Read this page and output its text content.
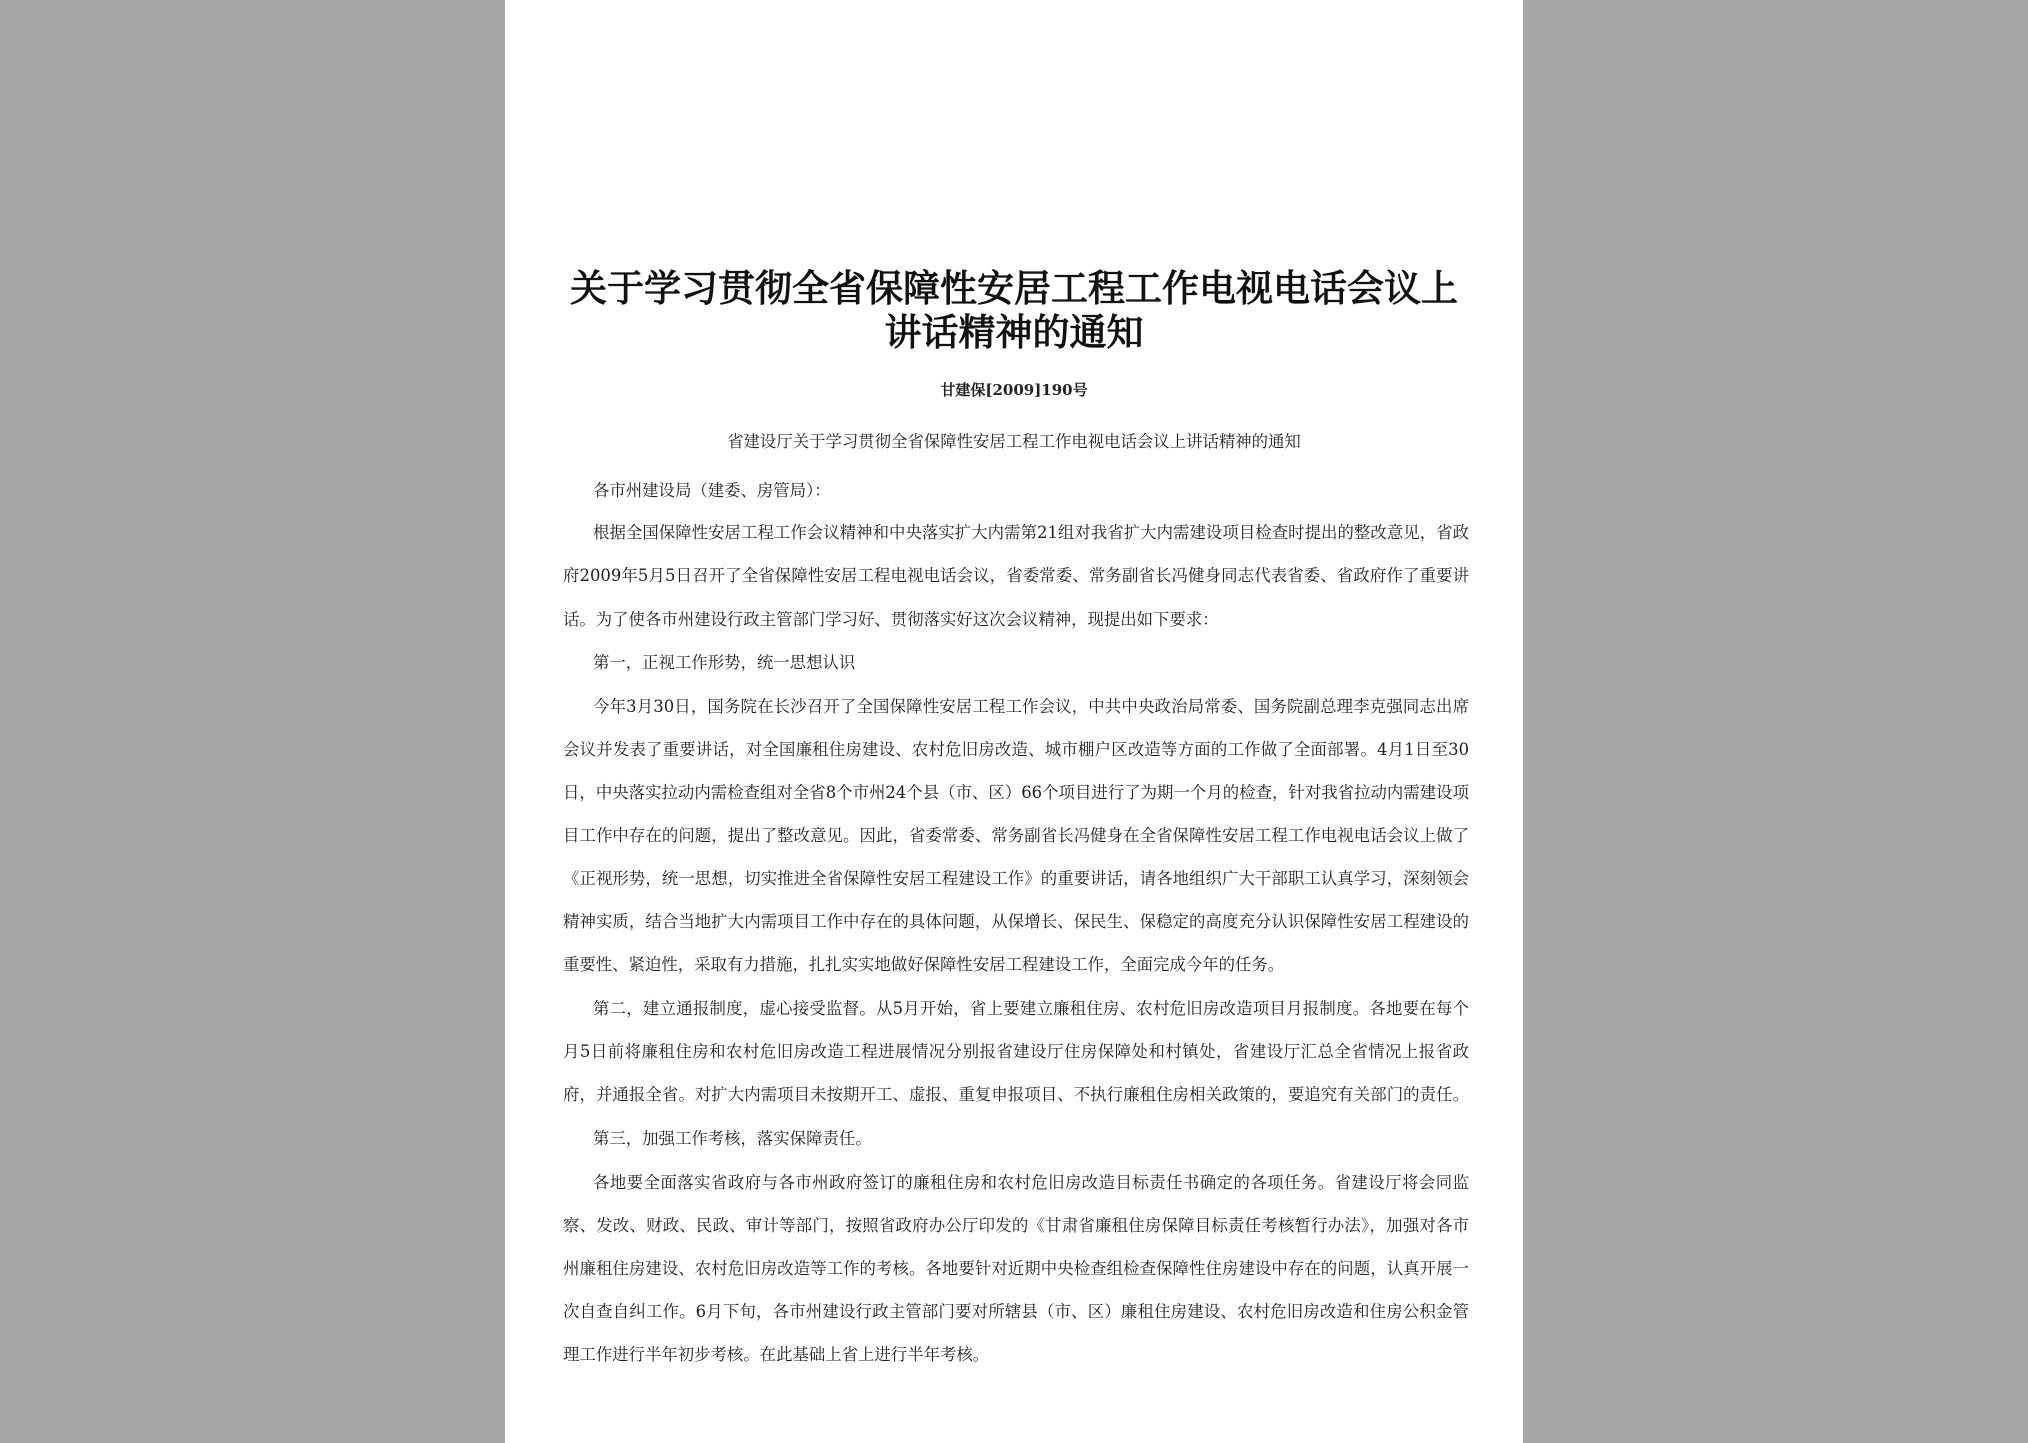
关于学习贯彻全省保障性安居工程工作电视电话会议上
讲话精神的通知
甘建保[2009]190号
省建设厅关于学习贯彻全省保障性安居工程工作电视电话会议上讲话精神的通知
各市州建设局（建委、房管局）：
根据全国保障性安居工程工作会议精神和中央落实扩大内需第21组对我省扩大内需建设项目检查时提出的整改意见，省政
府2009年5月5日召开了全省保障性安居工程电视电话会议，省委常委、常务副省长冯健身同志代表省委、省政府作了重要讲
话。为了使各市州建设行政主管部门学习好、贯彻落实好这次会议精神，现提出如下要求：
第一，正视工作形势，统一思想认识
今年3月30日，国务院在长沙召开了全国保障性安居工程工作会议，中共中央政治局常委、国务院副总理李克强同志出席
会议并发表了重要讲话，对全国廉租住房建设、农村危旧房改造、城市棚户区改造等方面的工作做了全面部署。4月1日至30
日，中央落实拉动内需检查组对全省8个市州24个县（市、区）66个项目进行了为期一个月的检查，针对我省拉动内需建设项
目工作中存在的问题，提出了整改意见。因此，省委常委、常务副省长冯健身在全省保障性安居工程工作电视电话会议上做了
《正视形势，统一思想，切实推进全省保障性安居工程建设工作》的重要讲话，请各地组织广大干部职工认真学习，深刻领会
精神实质，结合当地扩大内需项目工作中存在的具体问题，从保增长、保民生、保稳定的高度充分认识保障性安居工程建设的
重要性、紧迫性，采取有力措施，扎扎实实地做好保障性安居工程建设工作，全面完成今年的任务。
第二，建立通报制度，虚心接受监督。从5月开始，省上要建立廉租住房、农村危旧房改造项目月报制度。各地要在每个
月5日前将廉租住房和农村危旧房改造工程进展情况分别报省建设厅住房保障处和村镇处，省建设厅汇总全省情况上报省政
府，并通报全省。对扩大内需项目未按期开工、虚报、重复申报项目、不执行廉租住房相关政策的，要追究有关部门的责任。
第三，加强工作考核，落实保障责任。
各地要全面落实省政府与各市州政府签订的廉租住房和农村危旧房改造目标责任书确定的各项任务。省建设厅将会同监
察、发改、财政、民政、审计等部门，按照省政府办公厅印发的《甘肃省廉租住房保障目标责任考核暂行办法》，加强对各市
州廉租住房建设、农村危旧房改造等工作的考核。各地要针对近期中央检查组检查保障性住房建设中存在的问题，认真开展一
次自查自纠工作。6月下旬，各市州建设行政主管部门要对所辖县（市、区）廉租住房建设、农村危旧房改造和住房公积金管
理工作进行半年初步考核。在此基础上省上进行半年考核。
